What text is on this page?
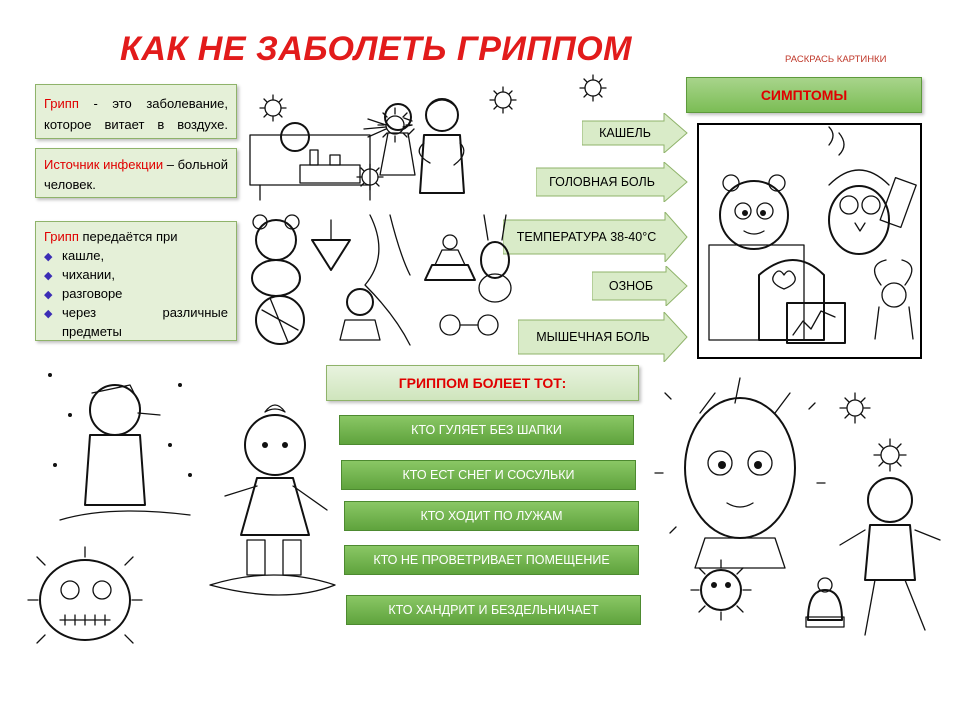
КАК НЕ ЗАБОЛЕТЬ ГРИППОМ	РАСКРАСЬ КАРТИНКИ

Грипп - это заболевание, которое витает в воздухе.

Источник инфекции – больной человек.

Грипп передаётся при

◆
кашле,
◆
чихании,
◆
разговоре
◆
через различные предметы
СИМПТОМЫ
КАШЕЛЬ
ГОЛОВНАЯ БОЛЬ
ТЕМПЕРАТУРА 38-40°С
ОЗНОБ
МЫШЕЧНАЯ БОЛЬ
ГРИППОМ БОЛЕЕТ ТОТ:
КТО ГУЛЯЕТ БЕЗ ШАПКИ
КТО ЕСТ СНЕГ И СОСУЛЬКИ
КТО ХОДИТ ПО ЛУЖАМ
КТО НЕ ПРОВЕТРИВАЕТ ПОМЕЩЕНИЕ
КТО ХАНДРИТ И БЕЗДЕЛЬНИЧАЕТ
